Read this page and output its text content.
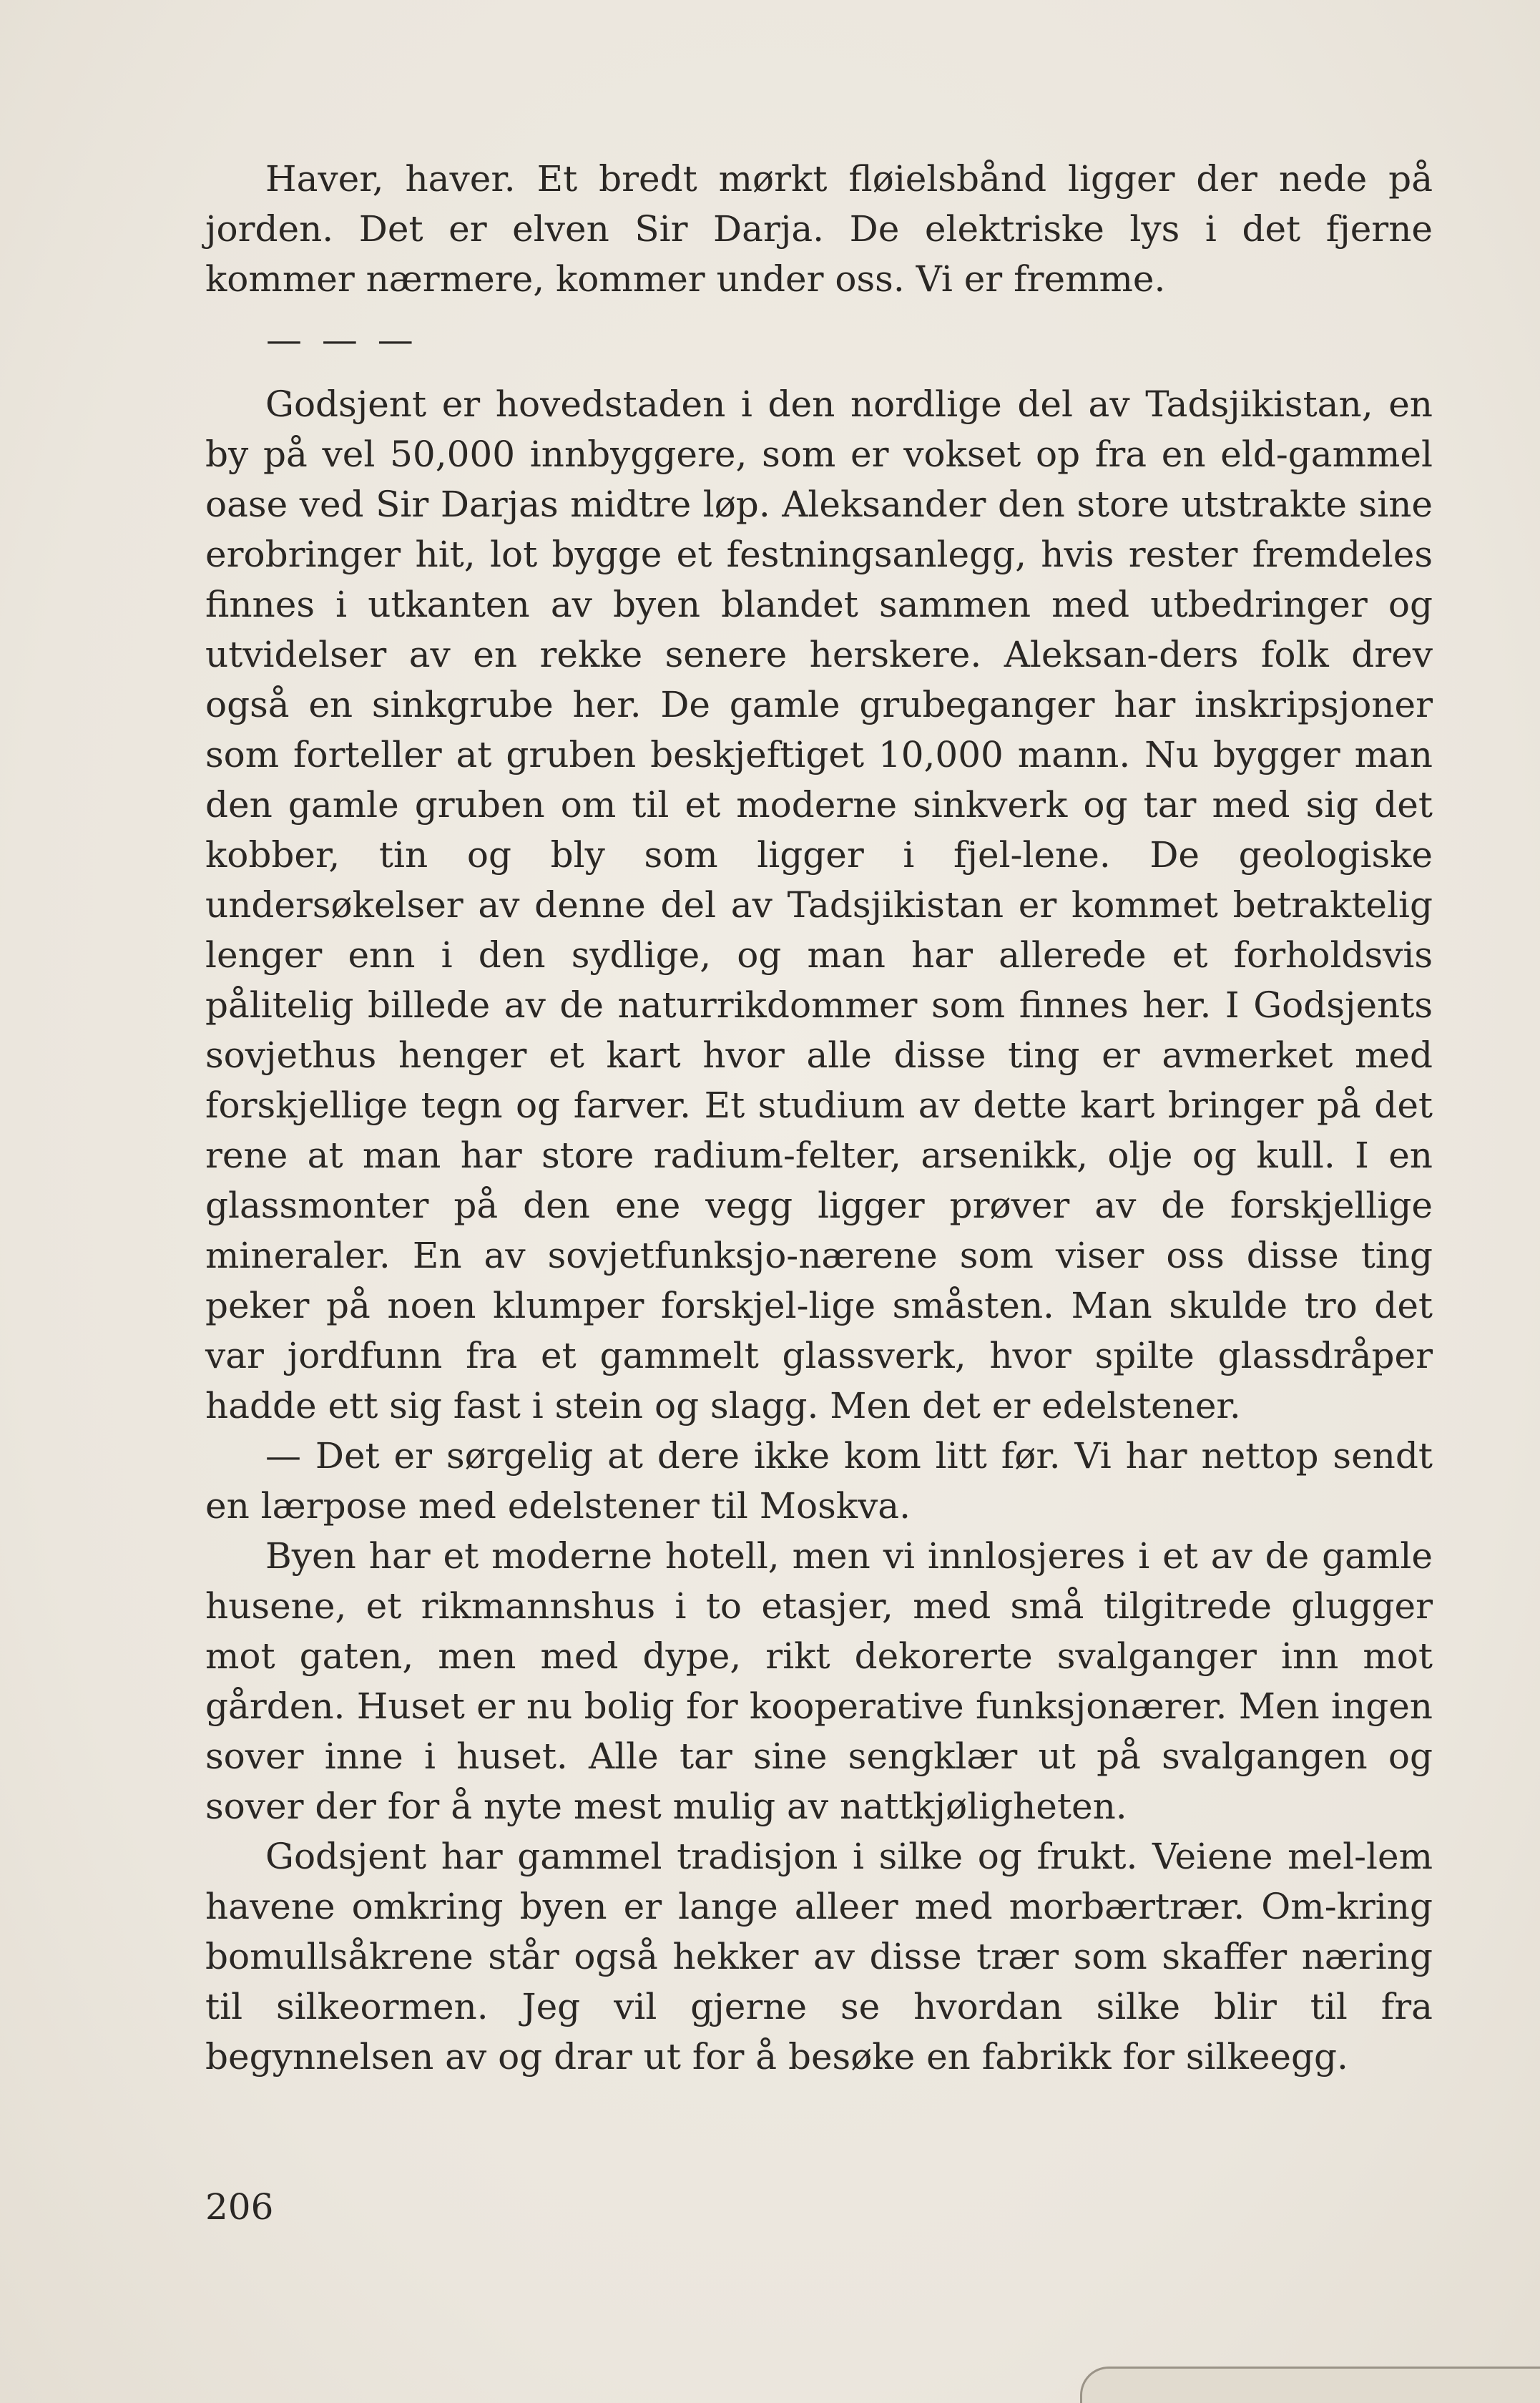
Haver, haver. Et bredt mørkt fløielsbånd ligger der nede på jorden. Det er elven Sir Darja. De elektriske lys i det fjerne kommer nærmere, kommer under oss. Vi er fremme.

— — —

Godsjent er hovedstaden i den nordlige del av Tadsjikistan, en by på vel 50,000 innbyggere, som er vokset op fra en eld-gammel oase ved Sir Darjas midtre løp. Aleksander den store utstrakte sine erobringer hit, lot bygge et festningsanlegg, hvis rester fremdeles finnes i utkanten av byen blandet sammen med utbedringer og utvidelser av en rekke senere herskere. Aleksan-ders folk drev også en sinkgrube her. De gamle grubeganger har inskripsjoner som forteller at gruben beskjeftiget 10,000 mann. Nu bygger man den gamle gruben om til et moderne sinkverk og tar med sig det kobber, tin og bly som ligger i fjel-lene. De geologiske undersøkelser av denne del av Tadsjikistan er kommet betraktelig lenger enn i den sydlige, og man har allerede et forholdsvis pålitelig billede av de naturrikdommer som finnes her. I Godsjents sovjethus henger et kart hvor alle disse ting er avmerket med forskjellige tegn og farver. Et studium av dette kart bringer på det rene at man har store radium-felter, arsenikk, olje og kull. I en glassmonter på den ene vegg ligger prøver av de forskjellige mineraler. En av sovjetfunksjo-nærene som viser oss disse ting peker på noen klumper forskjel-lige småsten. Man skulde tro det var jordfunn fra et gammelt glassverk, hvor spilte glassdråper hadde ett sig fast i stein og slagg. Men det er edelstener.

— Det er sørgelig at dere ikke kom litt før. Vi har nettop sendt en lærpose med edelstener til Moskva.

Byen har et moderne hotell, men vi innlosjeres i et av de gamle husene, et rikmannshus i to etasjer, med små tilgitrede glugger mot gaten, men med dype, rikt dekorerte svalganger inn mot gården. Huset er nu bolig for kooperative funksjonærer. Men ingen sover inne i huset. Alle tar sine sengklær ut på svalgangen og sover der for å nyte mest mulig av nattkjøligheten.

Godsjent har gammel tradisjon i silke og frukt. Veiene mel-lem havene omkring byen er lange alleer med morbærtrær. Om-kring bomullsåkrene står også hekker av disse trær som skaffer næring til silkeormen. Jeg vil gjerne se hvordan silke blir til fra begynnelsen av og drar ut for å besøke en fabrikk for silkeegg.

206
